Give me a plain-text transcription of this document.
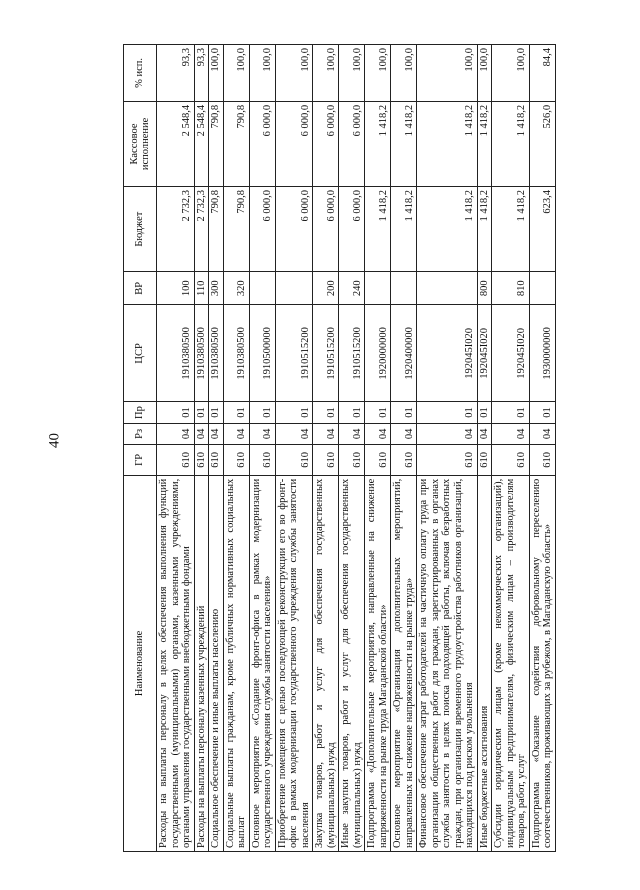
40
Наименование	ГР	Рз	Пр	ЦСР	ВР	Бюджет	Кассовое исполнение	% исп.
Расходы на выплаты персоналу в целях обеспечения выполнения функций государственными (муниципальными) органами, казенными учреждениями, органами управления государственными внебюджетными фондами	610	04	01	1910380500	100	2 732,3	2 548,4	93,3
Расходы на выплаты персоналу казенных учреждений	610	04	01	1910380500	110	2 732,3	2 548,4	93,3
Социальное обеспечение и иные выплаты населению	610	04	01	1910380500	300	790,8	790,8	100,0
Социальные выплаты гражданам, кроме публичных нормативных социальных выплат	610	04	01	1910380500	320	790,8	790,8	100,0
Основное мероприятие «Создание фронт-офиса в рамках модернизации государственного учреждения службы занятости населения»	610	04	01	1910500000		6 000,0	6 000,0	100,0
Приобретение помещения с целью последующей реконструкции его во фронт-офис в рамках модернизации государственного учреждения службы занятости населения	610	04	01	1910515200		6 000,0	6 000,0	100,0
Закупка товаров, работ и услуг для обеспечения государственных (муниципальных) нужд	610	04	01	1910515200	200	6 000,0	6 000,0	100,0
Иные закупки товаров, работ и услуг для обеспечения государственных (муниципальных) нужд	610	04	01	1910515200	240	6 000,0	6 000,0	100,0
Подпрограмма «Дополнительные мероприятия, направленные на снижение напряженности на рынке труда Магаданской области»	610	04	01	1920000000		1 418,2	1 418,2	100,0
Основное мероприятие «Организация дополнительных мероприятий, направленных на снижение напряженности на рынке труда»	610	04	01	1920400000		1 418,2	1 418,2	100,0
Финансовое обеспечение затрат работодателей на частичную оплату труда при организации общественных работ для граждан, зарегистрированных в органах службы занятости в целях поиска подходящей работы, включая безработных граждан, при организации временного трудоустройства работников организаций, находящихся под риском увольнения	610	04	01	192045I020		1 418,2	1 418,2	100,0
Иные бюджетные ассигнования	610	04	01	192045I020	800	1 418,2	1 418,2	100,0
Субсидии юридическим лицам (кроме некоммерческих организаций), индивидуальным предпринимателям, физическим лицам – производителям товаров, работ, услуг	610	04	01	192045I020	810	1 418,2	1 418,2	100,0
Подпрограмма «Оказание содействия добровольному переселению соотечественников, проживающих за рубежом, в Магаданскую область»	610	04	01	1930000000		623,4	526,0	84,4
